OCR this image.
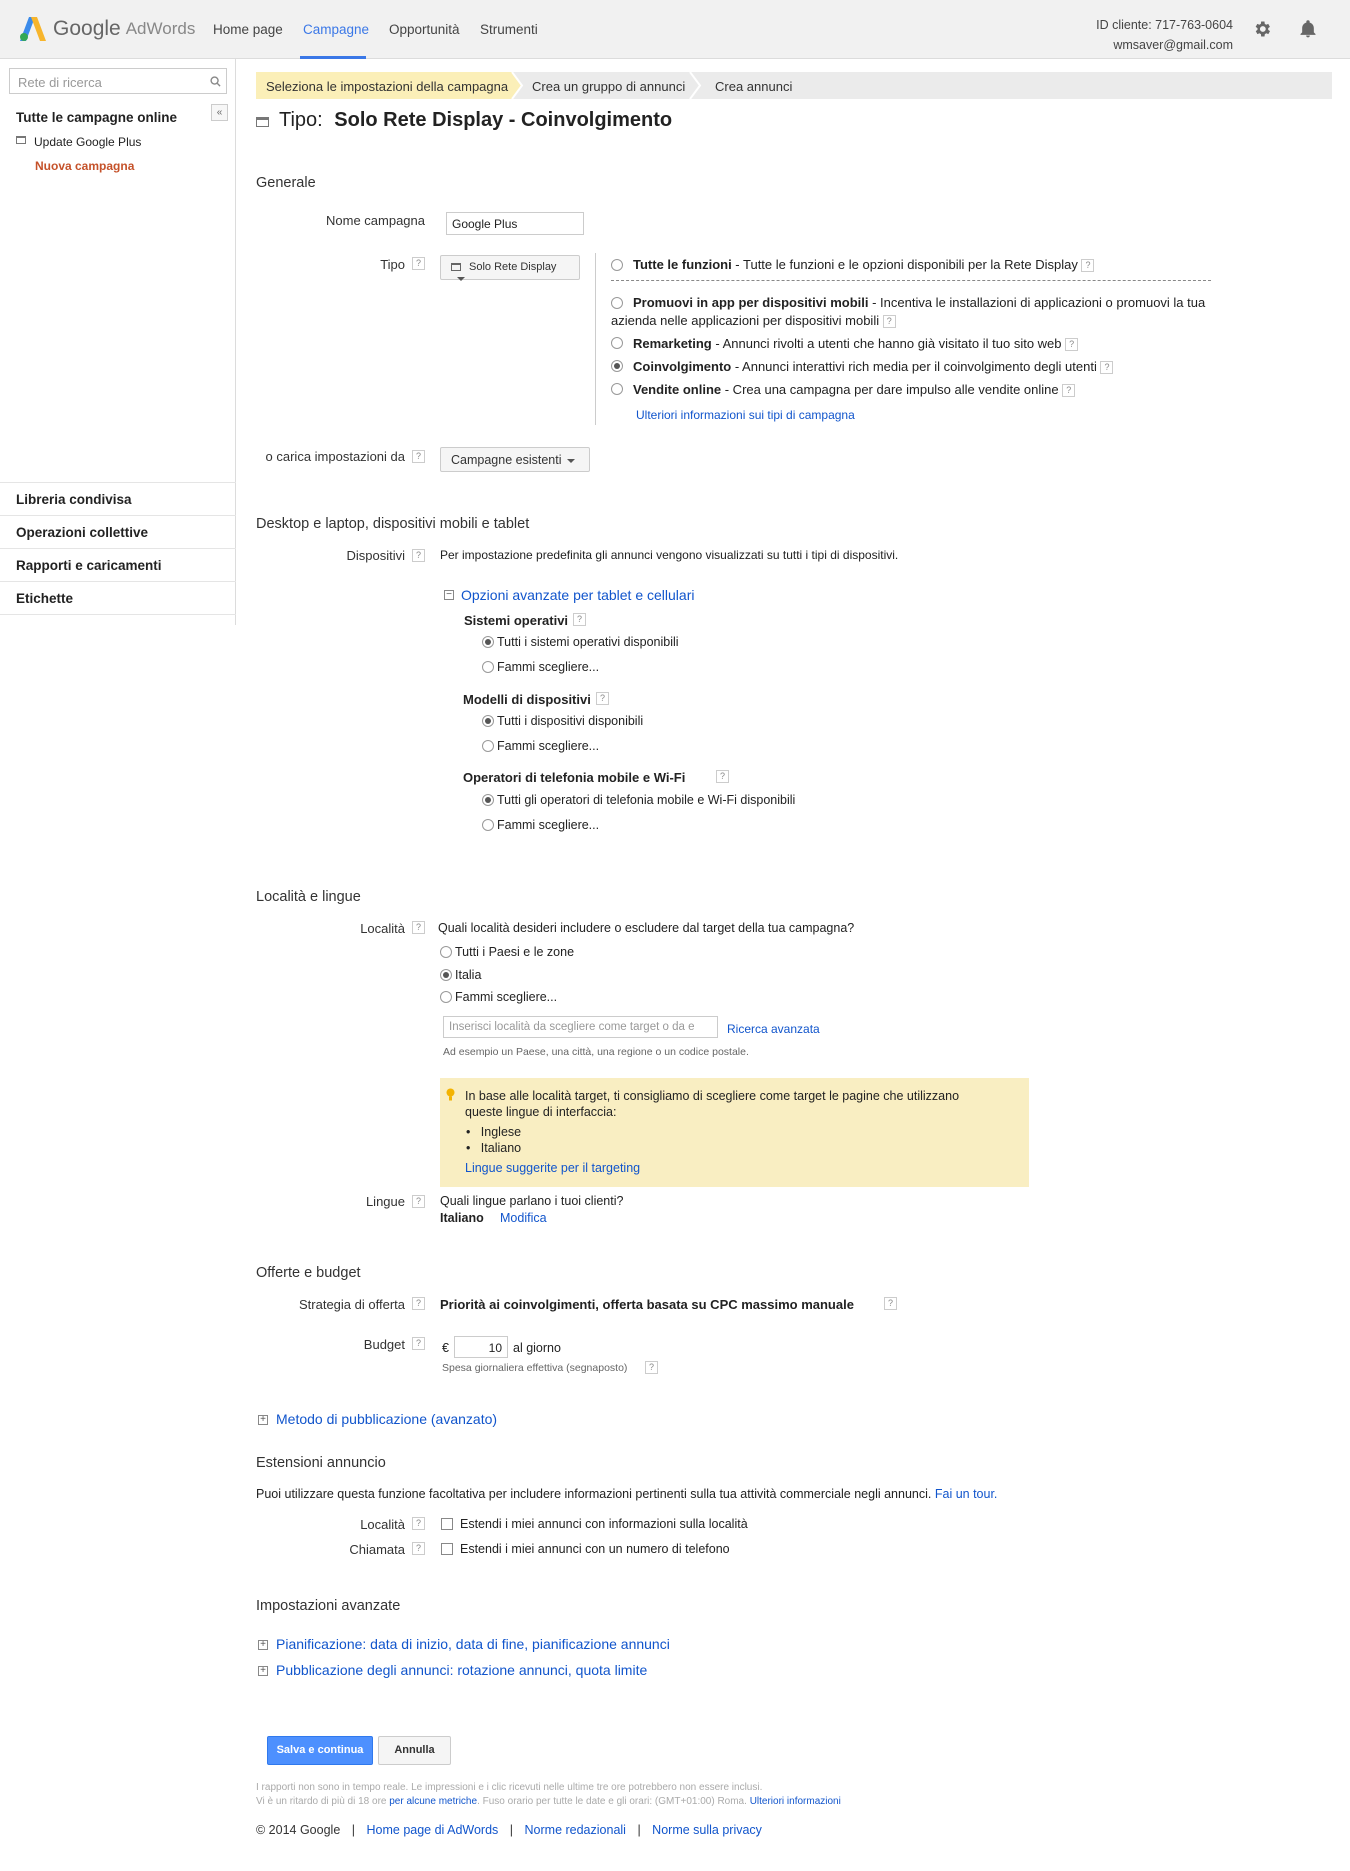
Google AdWords Home page Campagne Opportunità Strumenti	ID cliente: 717-763-0604
wmsaver@gmail.com
Rete di ricerca
«
Tutte le campagne online
Update Google Plus
Nuova campagna
Libreria condivisa
Operazioni collettive
Rapporti e caricamenti
Etichette
Seleziona le impostazioni della campagna	Crea un gruppo di annunci	Crea annunci
Tipo: Solo Rete Display - Coinvolgimento
Generale
Nome campagna	Google Plus
Tipo	?	Solo Rete Display	Tutte le funzioni - Tutte le funzioni e le opzioni disponibili per la Rete Display ?
Promuovi in app per dispositivi mobili - Incentiva le installazioni di applicazioni o promuovi la tua
azienda nelle applicazioni per dispositivi mobili ?
Remarketing - Annunci rivolti a utenti che hanno già visitato il tuo sito web ?
Coinvolgimento - Annunci interattivi rich media per il coinvolgimento degli utenti ?
Vendite online - Crea una campagna per dare impulso alle vendite online ?
Ulteriori informazioni sui tipi di campagna
o carica impostazioni da	?	Campagne esistenti
Desktop e laptop, dispositivi mobili e tablet
Dispositivi	?	Per impostazione predefinita gli annunci vengono visualizzati su tutti i tipi di dispositivi.
− Opzioni avanzate per tablet e cellulari
Sistemi operativi ?
Tutti i sistemi operativi disponibili
Fammi scegliere...
Modelli di dispositivi	?
Tutti i dispositivi disponibili
Fammi scegliere...
Operatori di telefonia mobile e Wi-Fi	?
Tutti gli operatori di telefonia mobile e Wi-Fi disponibili
Fammi scegliere...
Località e lingue
Località	?	Quali località desideri includere o escludere dal target della tua campagna?
Tutti i Paesi e le zone
Italia
Fammi scegliere...
Inserisci località da scegliere come target o da e	Ricerca avanzata
Ad esempio un Paese, una città, una regione o un codice postale.
In base alle località target, ti consigliamo di scegliere come target le pagine che utilizzano
queste lingue di interfaccia:
•   Inglese
•   Italiano
Lingue suggerite per il targeting
Lingue	?	Quali lingue parlano i tuoi clienti?
Italiano Modifica
Offerte e budget
Strategia di offerta	?	Priorità ai coinvolgimenti, offerta basata su CPC massimo manuale	?
Budget	?	€	10 al giorno
Spesa giornaliera effettiva (segnaposto)	?
+ Metodo di pubblicazione (avanzato)
Estensioni annuncio
Puoi utilizzare questa funzione facoltativa per includere informazioni pertinenti sulla tua attività commerciale negli annunci. Fai un tour.
Località	?	Estendi i miei annunci con informazioni sulla località
Chiamata	?	Estendi i miei annunci con un numero di telefono
Impostazioni avanzate
+ Pianificazione: data di inizio, data di fine, pianificazione annunci
+ Pubblicazione degli annunci: rotazione annunci, quota limite
Salva e continua	Annulla
I rapporti non sono in tempo reale. Le impressioni e i clic ricevuti nelle ultime tre ore potrebbero non essere inclusi.
Vi è un ritardo di più di 18 ore per alcune metriche. Fuso orario per tutte le date e gli orari: (GMT+01:00) Roma. Ulteriori informazioni
© 2014 Google | Home page di AdWords | Norme redazionali | Norme sulla privacy
